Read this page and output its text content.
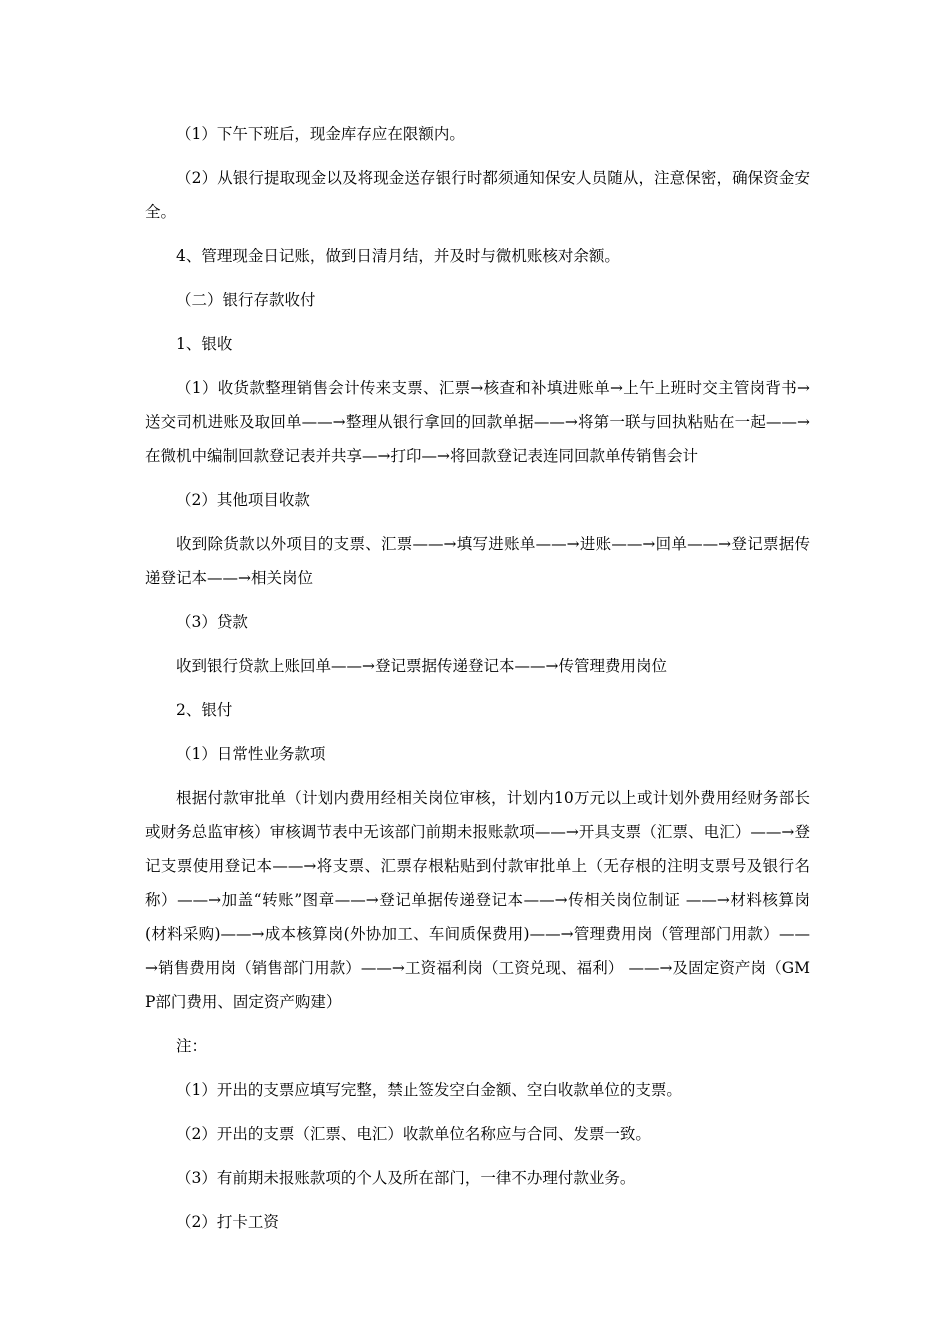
（1）下午下班后，现金库存应在限额内。

（2）从银行提取现金以及将现金送存银行时都须通知保安人员随从，注意保密，确保资金安全。

4、管理现金日记账，做到日清月结，并及时与微机账核对余额。

（二）银行存款收付

1、银收

（1）收货款整理销售会计传来支票、汇票→核查和补填进账单→上午上班时交主管岗背书→送交司机进账及取回单——→整理从银行拿回的回款单据——→将第一联与回执粘贴在一起——→在微机中编制回款登记表并共享—→打印—→将回款登记表连同回款单传销售会计

（2）其他项目收款

收到除货款以外项目的支票、汇票——→填写进账单——→进账——→回单——→登记票据传递登记本——→相关岗位

（3）贷款

收到银行贷款上账回单——→登记票据传递登记本——→传管理费用岗位

2、银付

（1）日常性业务款项

根据付款审批单（计划内费用经相关岗位审核，计划内10万元以上或计划外费用经财务部长或财务总监审核）审核调节表中无该部门前期未报账款项——→开具支票（汇票、电汇）——→登记支票使用登记本——→将支票、汇票存根粘贴到付款审批单上（无存根的注明支票号及银行名称）——→加盖“转账”图章——→登记单据传递登记本——→传相关岗位制证 ——→材料核算岗(材料采购)——→成本核算岗(外协加工、车间质保费用)——→管理费用岗（管理部门用款）——→销售费用岗（销售部门用款）——→工资福利岗（工资兑现、福利） ——→及固定资产岗（GMP部门费用、固定资产购建）

注：

（1）开出的支票应填写完整，禁止签发空白金额、空白收款单位的支票。

（2）开出的支票（汇票、电汇）收款单位名称应与合同、发票一致。

（3）有前期未报账款项的个人及所在部门，一律不办理付款业务。

（2）打卡工资
